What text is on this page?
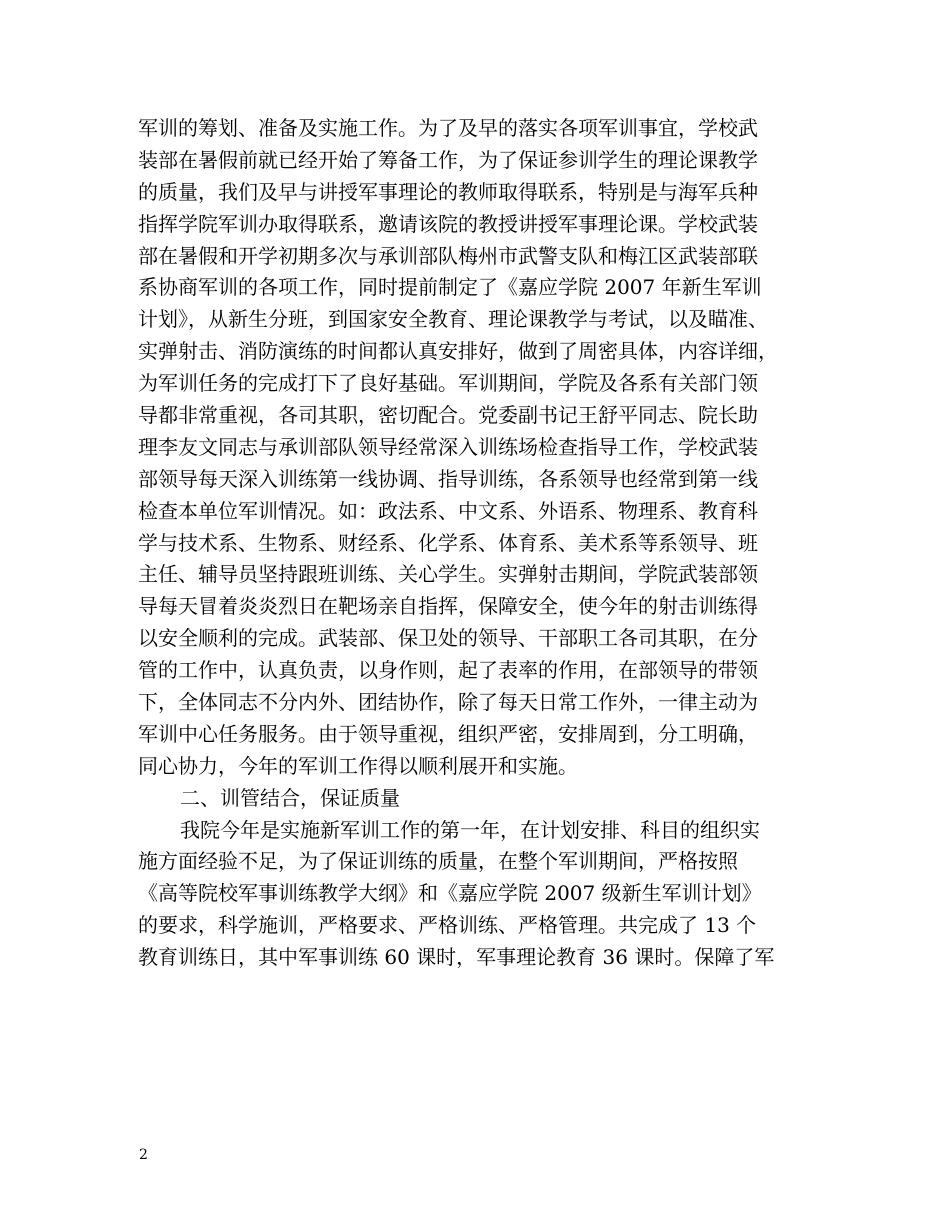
军训的筹划、准备及实施工作。为了及早的落实各项军训事宜，学校武
装部在暑假前就已经开始了筹备工作，为了保证参训学生的理论课教学
的质量，我们及早与讲授军事理论的教师取得联系，特别是与海军兵种
指挥学院军训办取得联系，邀请该院的教授讲授军事理论课。学校武装
部在暑假和开学初期多次与承训部队梅州市武警支队和梅江区武装部联
系协商军训的各项工作，同时提前制定了《嘉应学院 2007 年新生军训
计划》，从新生分班，到国家安全教育、理论课教学与考试，以及瞄准、
实弹射击、消防演练的时间都认真安排好，做到了周密具体，内容详细，
为军训任务的完成打下了良好基础。军训期间，学院及各系有关部门领
导都非常重视，各司其职，密切配合。党委副书记王舒平同志、院长助
理李友文同志与承训部队领导经常深入训练场检查指导工作，学校武装
部领导每天深入训练第一线协调、指导训练，各系领导也经常到第一线
检查本单位军训情况。如：政法系、中文系、外语系、物理系、教育科
学与技术系、生物系、财经系、化学系、体育系、美术系等系领导、班
主任、辅导员坚持跟班训练、关心学生。实弹射击期间，学院武装部领
导每天冒着炎炎烈日在靶场亲自指挥，保障安全，使今年的射击训练得
以安全顺利的完成。武装部、保卫处的领导、干部职工各司其职，在分
管的工作中，认真负责，以身作则，起了表率的作用，在部领导的带领
下，全体同志不分内外、团结协作，除了每天日常工作外，一律主动为
军训中心任务服务。由于领导重视，组织严密，安排周到，分工明确，
同心协力，今年的军训工作得以顺利展开和实施。
二、训管结合，保证质量
我院今年是实施新军训工作的第一年，在计划安排、科目的组织实
施方面经验不足，为了保证训练的质量，在整个军训期间，严格按照
《高等院校军事训练教学大纲》和《嘉应学院 2007 级新生军训计划》
的要求，科学施训，严格要求、严格训练、严格管理。共完成了 13 个
教育训练日，其中军事训练 60 课时，军事理论教育 36 课时。保障了军
2
